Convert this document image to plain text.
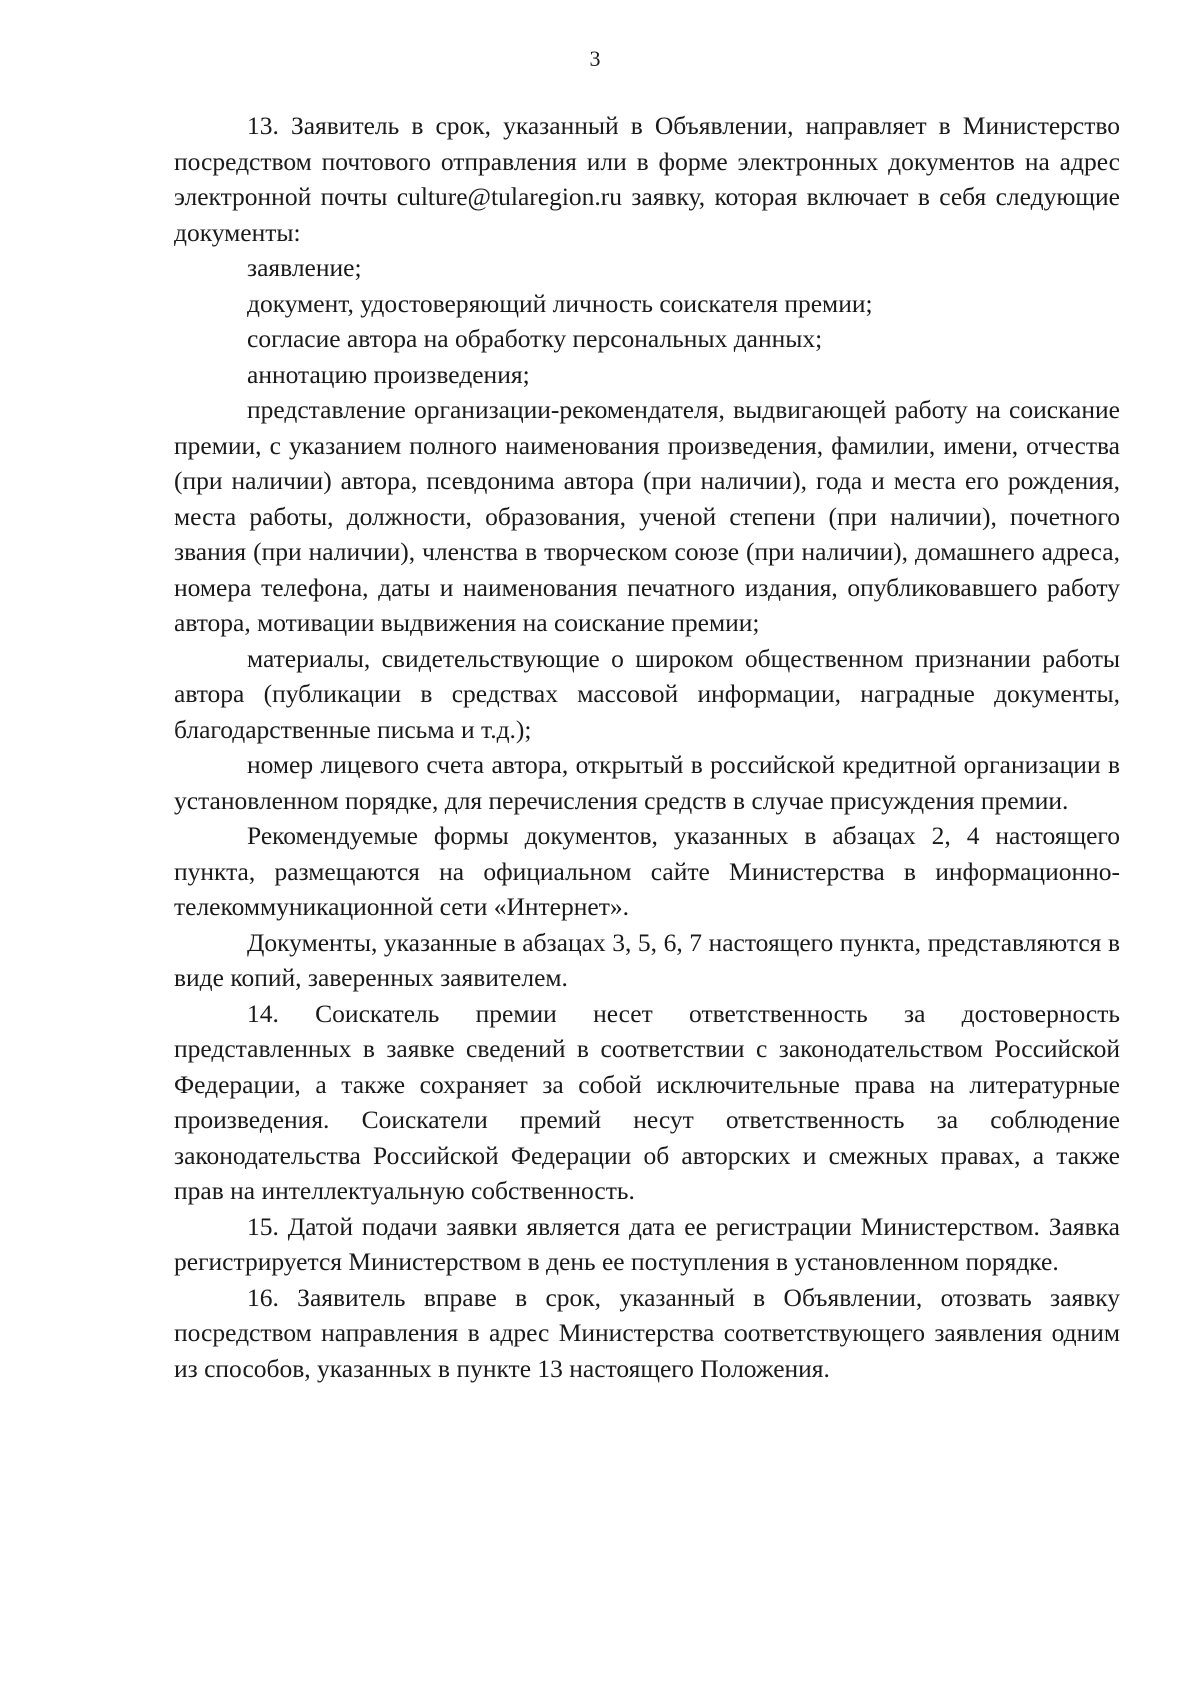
3

13. Заявитель в срок, указанный в Объявлении, направляет в Министерство посредством почтового отправления или в форме электронных документов на адрес электронной почты culture@tularegion.ru заявку, которая включает в себя следующие документы:

заявление;

документ, удостоверяющий личность соискателя премии;

согласие автора на обработку персональных данных;

аннотацию произведения;

представление организации-рекомендателя, выдвигающей работу на соискание премии, с указанием полного наименования произведения, фамилии, имени, отчества (при наличии) автора, псевдонима автора (при наличии), года и места его рождения, места работы, должности, образования, ученой степени (при наличии), почетного звания (при наличии), членства в творческом союзе (при наличии), домашнего адреса, номера телефона, даты и наименования печатного издания, опубликовавшего работу автора, мотивации выдвижения на соискание премии;

материалы, свидетельствующие о широком общественном признании работы автора (публикации в средствах массовой информации, наградные документы, благодарственные письма и т.д.);

номер лицевого счета автора, открытый в российской кредитной организации в установленном порядке, для перечисления средств в случае присуждения премии.

Рекомендуемые формы документов, указанных в абзацах 2, 4 настоящего пункта, размещаются на официальном сайте Министерства в информационно-телекоммуникационной сети «Интернет».

Документы, указанные в абзацах 3, 5, 6, 7 настоящего пункта, представляются в виде копий, заверенных заявителем.

14. Соискатель премии несет ответственность за достоверность представленных в заявке сведений в соответствии с законодательством Российской Федерации, а также сохраняет за собой исключительные права на литературные произведения. Соискатели премий несут ответственность за соблюдение законодательства Российской Федерации об авторских и смежных правах, а также прав на интеллектуальную собственность.

15. Датой подачи заявки является дата ее регистрации Министерством. Заявка регистрируется Министерством в день ее поступления в установленном порядке.

16. Заявитель вправе в срок, указанный в Объявлении, отозвать заявку посредством направления в адрес Министерства соответствующего заявления одним из способов, указанных в пункте 13 настоящего Положения.
